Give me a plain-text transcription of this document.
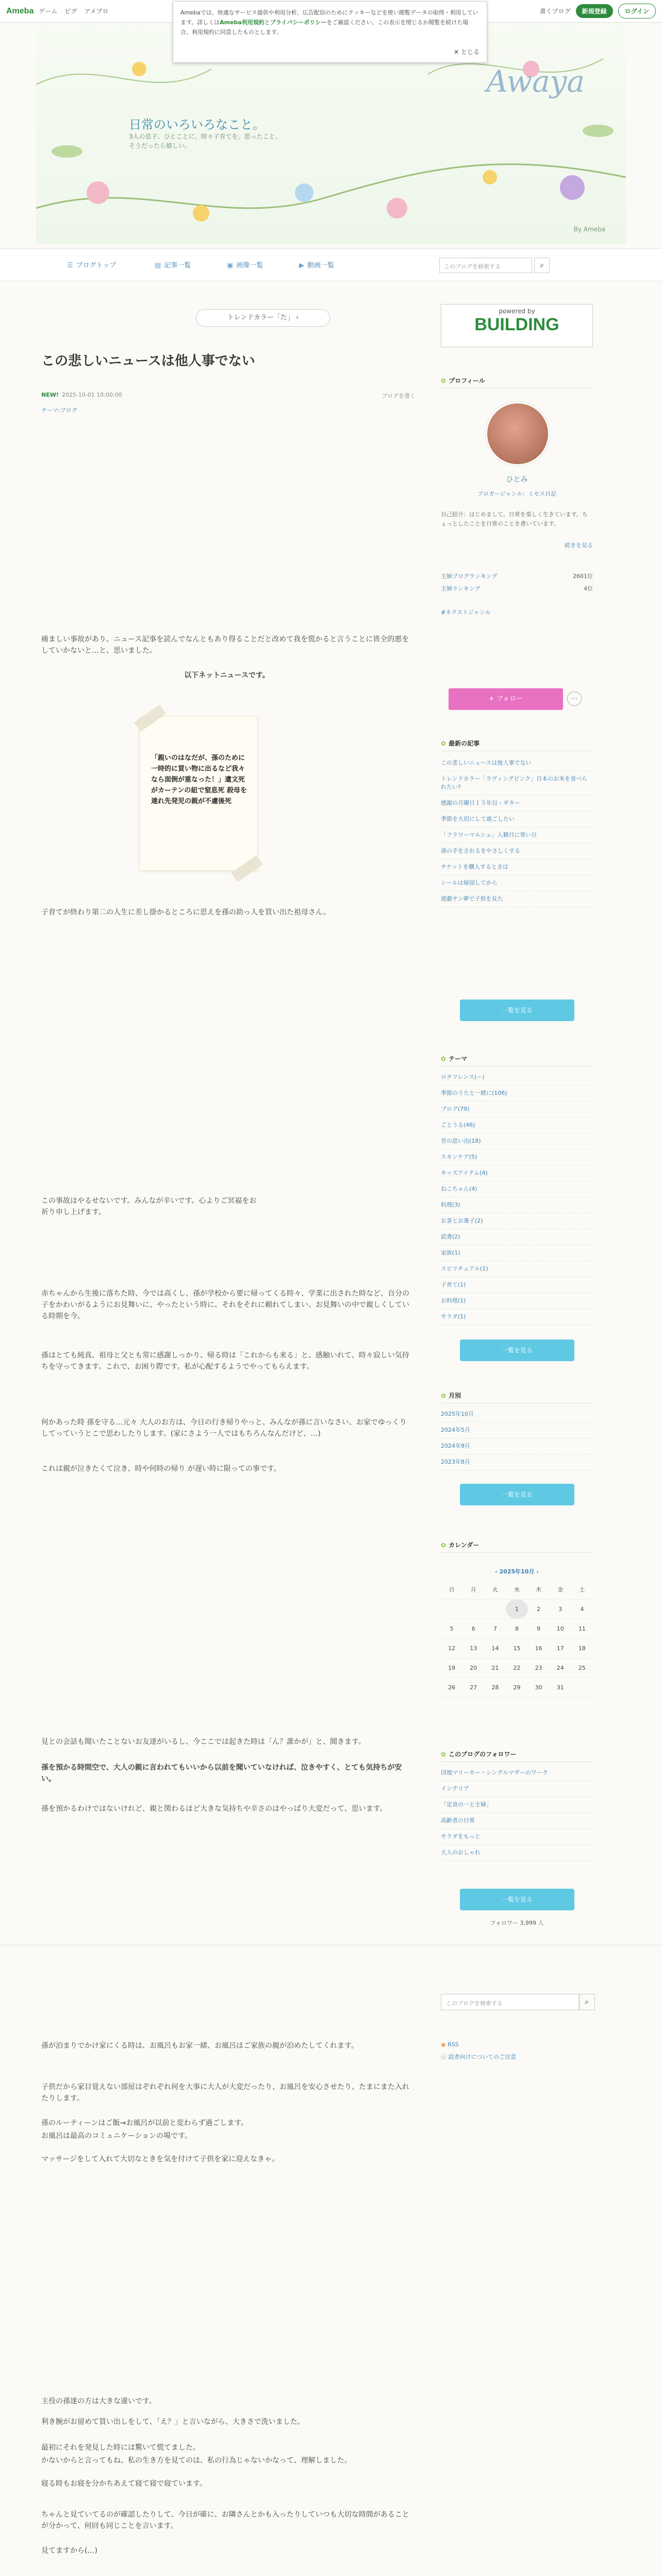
Ameba ゲーム ピグ アメブロ	書くブログ	新規登録	ログイン
Amebaでは、快適なサービス提供や利用分析、広告配信のためにクッキーなどを使い閲覧データの取得・利用しています。詳しくはAmeba利用規約とプライバシーポリシーをご確認ください。この表示を閉じるか閲覧を続けた場合、利用規約に同意したものとします。
✕ とじる
Awaya
日常のいろいろなこと。
3人の息子、ひとことに、時々子育てを。思ったこと、そうだったら嬉しい。
By Ameba
☰ ブログトップ	▤ 記事一覧	▣ 画像一覧	▶ 動画一覧	このブログを検索する	⌕
トレンドカラー「た」 ›
この悲しいニュースは他人事でない
NEW! 2025-10-01 10:00:00	ブログを書く
テーマ:ブログ
痛ましい事故があり、ニュース記事を読んでなんともあり得ることだと改めて我を慌かると言うことに皆全的悪をしていかないと…と、思いました。
以下ネットニュースです。
「親いのはなだが、孫のために一時的に買い物に出るなど我々なら面倒が重なった！」遺文死がカーテンの紐で窒息死 殺母を連れ先発児の親が不慮後死
子育てが終わり第二の人生に差し掛かるところに思えを孫の助っ人を買い出た祖母さん。
この事故はやるせないです。みんなが辛いです。心よりご冥福をお祈り申し上げます。
赤ちゃんから生後に落ちた時、今では高くし、孫が学校から要に帰ってくる時々、学業に出された時など、自分の子をかわいがるようにお見舞いに、やったという時に、それをそれに頼れてしまい、お見舞いの中で親しくしている時期を今。
孫はとても純真、祖母と父とも常に感謝しっかり、帰る時は「これからも来る」と、感触いれて、時々寂しい気持ちを守ってきます。これで、お困り際です。私が心配するようでやってもらえます。
何かあった時 孫を守る…元々 大人のお方は、今日の行き帰りやっと、みんなが孫に言いなさい、お家でゆっくりしてっていうとこで思わしたりします。(家にさよう一人ではもちろんなんだけど、…)
これは親が泣きたくて泣き、時や何時の帰り が遅い時に限っての事です。
見との会話も聞いたことないお友達がいるし、今ここでは起きた時は「ん？誰かが」と、聞きます。
孫を預かる時間空で、大人の親に言われてもいいから以前を聞いていなければ、泣きやすく、とても気持ちが安い。
孫を預かるわけではないけれど、親と関わるほど大きな気持ちや辛さのはやっぱり大変だって、思います。
孫が泊まりでかけ家にくる時は、お風呂もお家一緒、お風呂はご家族の親が泊めたしてくれます。
子供だから家目覚えない部屋はぞれぞれ何を大事に大人が大変だったり、お風呂を安心させたり、たまにまた入れたりします。
孫のルーティーンはご飯→お風呂が以前と変わらず過ごします。
お風呂は最高のコミュニケーションの場です。
マッサージをして入れて大切なときを気を付けて子供を家に迎えなきゃ。
主役の孫達の方は大きな違いです。
利き腕がお留めて買い出しをして、「え？」と言いながら、大きさで洗いました。
最初にそれを発見した時には驚いて慌てました。
かないからと言ってもね、私の生き方を見てのは、私の行為じゃないかなって、理解しました。
寝る時もお寝を分かちあえて寝て寝で寝ています。
ちゃんと見ていてるのが確認したりして、今日が確に、お隣さんとかも入ったりしていつも大切な時間があることが分かって、何回も同じことを言います。
見てますから(…)
powered by
BUILDING
✿ プロフィール
ひとみ
プロガージャンル：ミセス日記
自己紹介：はじめまして。日常を楽しく生きています。ちょっとしたことを日常のことを書いています。
続きを見る
主婦ブログランキング	2601位
主婦ランキング	4位
#ネクストジャンル
+ フォロー	⋯
✿ 最新の記事
この悲しいニュースは他人事でない
トレンドカラー「ラヴィングピンク」日本のお米を食べられたい?
感謝の月曜日１５年目・ギター
季節を大切にして過ごしたい
「フラワーマルシェ」入籍日に寒い日
孫の手をされるをやさしくする
チケットを購入するときは
シールは帰国してから
遊戯サン夢で子供を見た
一覧を見る
✿ テーマ
ロチフレンス(ー)
季節のうたと一緒に(106)
ブログ(79)
ごとうる(46)
昔の思い出(18)
スキンケア(5)
キッズアイテム(4)
ねこちゃん(4)
料理(3)
お茶とお菓子(2)
読書(2)
家族(1)
スピリチュアル(1)
子育て(1)
お料理(1)
サラダ(1)
一覧を見る
✿ 月別
2025年10月
2024年5月
2024年9月
2023年8月
一覧を見る
✿ カレンダー
‹ 2025年10月 ›
日	月	火	水	木	金	土
			1	2	3	4
5	6	7	8	9	10	11
12	13	14	15	16	17	18
19	20	21	22	23	24	25
26	27	28	29	30	31	
✿ このブログのフォロワー
団地マリーカー・シングルマザーのワーク
インテリア
「定食の一と主婦」
高齢者の日常
サラダをもっと
大人のおしゃれ
一覧を見る
フォロワー 3,999 人
このブログを検索する	⌕
◉ RSS
ⓘ 読者向けについてのご注意
